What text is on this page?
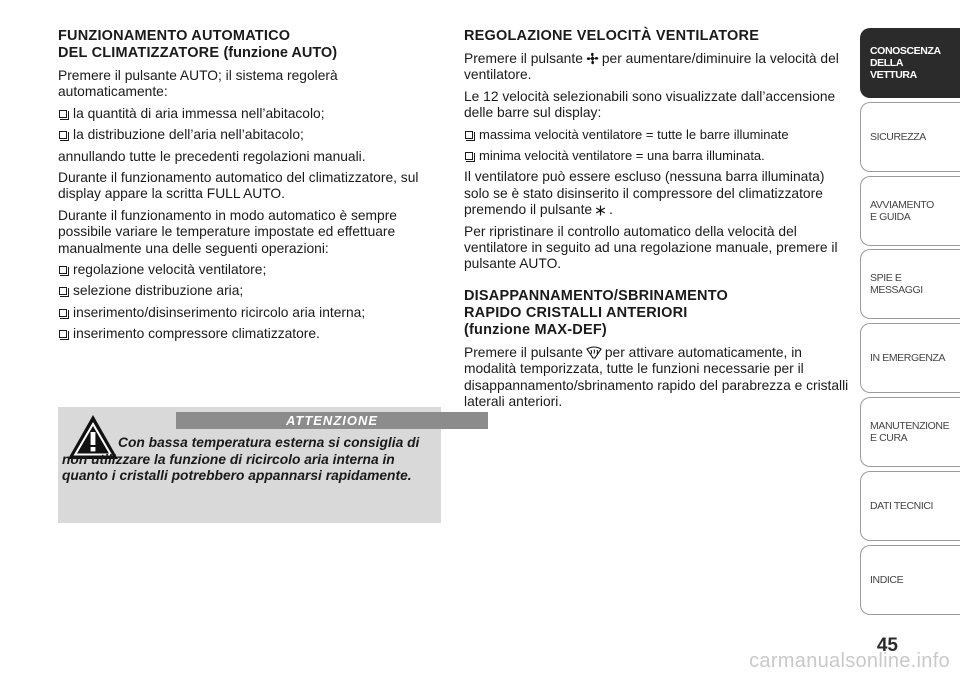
FUNZIONAMENTO AUTOMATICO
DEL CLIMATIZZATORE (funzione AUTO)

Premere il pulsante AUTO; il sistema regolerà automaticamente:

la quantità di aria immessa nell’abitacolo;

la distribuzione dell’aria nell’abitacolo;

annullando tutte le precedenti regolazioni manuali.

Durante il funzionamento automatico del climatizzatore, sul display appare la scritta FULL AUTO.

Durante il funzionamento in modo automatico è sempre possibile variare le temperature impostate ed effettuare manualmente una delle seguenti operazioni:

regolazione velocità ventilatore;

selezione distribuzione aria;

inserimento/disinserimento ricircolo aria interna;

inserimento compressore climatizzatore.

ATTENZIONE
Con bassa temperatura esterna si consiglia di non utilizzare la funzione di ricircolo aria interna in quanto i cristalli potrebbero appannarsi rapidamente.
REGOLAZIONE VELOCITÀ VENTILATORE

Premere il pulsante per aumentare/diminuire la velocità del ventilatore.

Le 12 velocità selezionabili sono visualizzate dall’accensione delle barre sul display:

massima velocità ventilatore = tutte le barre illuminate

minima velocità ventilatore = una barra illuminata.

Il ventilatore può essere escluso (nessuna barra illuminata) solo se è stato disinserito il compressore del climatizzatore premendo il pulsante .

Per ripristinare il controllo automatico della velocità del ventilatore in seguito ad una regolazione manuale, premere il pulsante AUTO.

DISAPPANNAMENTO/SBRINAMENTO
RAPIDO CRISTALLI ANTERIORI
(funzione MAX-DEF)

Premere il pulsante per attivare automaticamente, in modalità temporizzata, tutte le funzioni necessarie per il disappannamento/sbrinamento rapido del parabrezza e cristalli laterali anteriori.

CONOSCENZA
DELLA
VETTURA
SICUREZZA
AVVIAMENTO
E GUIDA
SPIE E
MESSAGGI
IN EMERGENZA
MANUTENZIONE
E CURA
DATI TECNICI
INDICE
45
carmanualsonline.info
